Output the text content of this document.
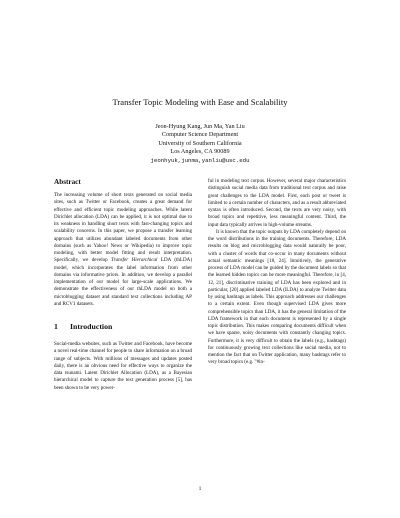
Transfer Topic Modeling with Ease and Scalability
Jeon-Hyung Kang, Jun Ma, Yan Liu
Computer Science Department
University of Southern California
Los Angeles, CA 90089
jeonhyuk,junma,yanliu@usc.edu
Abstract

The increasing volume of short texts generated on social media sites, such as Twitter or Facebook, creates a great demand for effective and efficient topic modeling approaches. While latent Dirichlet allocation (LDA) can be applied, it is not optimal due to its weakness in handling short texts with fast-changing topics and scalability concerns. In this paper, we propose a transfer learning approach that utilizes abundant labeled documents from other domains (such as Yahoo! News or Wikipedia) to improve topic modeling, with better model fitting and result interpretation. Specifically, we develop Transfer Hierarchical LDA (thLDA) model, which incorporates the label information from other domains via informative priors. In addition, we develop a parallel implementation of our model for large-scale applications. We demonstrate the effectiveness of our thLDA model on both a microblogging dataset and standard text collections including AP and RCV1 datasets.

1 Introduction

Social-media websites, such as Twitter and Facebook, have become a novel real-time channel for people to share information on a broad range of subjects. With millions of messages and updates posted daily, there is an obvious need for effective ways to organize the data tsunami. Latent Dirichlet Allocation (LDA), as a Bayesian hierarchical model to capture the text generation process [5], has been shown to be very power-

ful in modeling text corpus. However, several major characteristics distinguish social media data from traditional text corpus and raise great challenges to the LDA model. First, each post or tweet is limited to a certain number of characters, and as a result abbreviated syntax is often introduced. Second, the texts are very noisy, with broad topics and repetitive, less meaningful content. Third, the input data typically arrives in high-volume streams.

It is known that the topic outputs by LDA completely depend on the word distributions in the training documents. Therefore, LDA results on blog and microblogging data would naturally be poor, with a cluster of words that co-occur in many documents without actual semantic meanings [18, 24]. Intuitively, the generative process of LDA model can be guided by the document labels so that the learned hidden topics can be more meaningful. Therefore, in [4, 12, 21], discriminative training of LDA has been explored and in particular, [20] applied labeled LDA (lLDA) to analyze Twitter data by using hashtags as labels. This approach addresses our challenges to a certain extent. Even though supervised LDA gives more comprehensible topics than LDA, it has the general limitation of the LDA framework in that each document is represented by a single topic distribution. This makes comparing documents difficult when we have sparse, noisy documents with constantly changing topics. Furthermore, it is very difficult to obtain the labels (e.g., hashtags) for continuously growing text collections like social media, not to mention the fact that on Twitter application, many hashtags refer to very broad topics (e.g. "#in-

1
